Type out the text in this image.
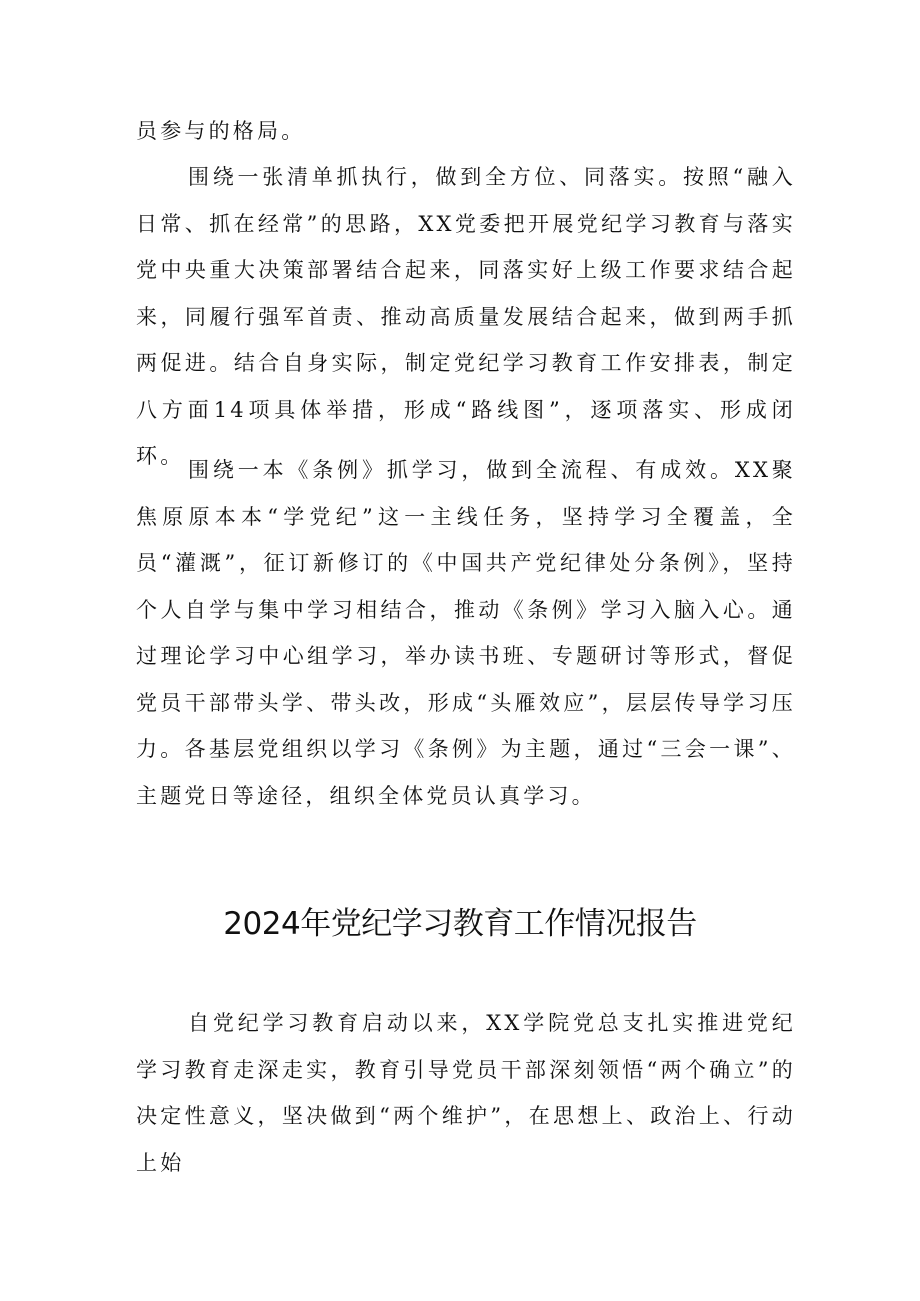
员参与的格局。

围绕一张清单抓执行，做到全方位、同落实。按照“融入日常、抓在经常”的思路，XX党委把开展党纪学习教育与落实党中央重大决策部署结合起来，同落实好上级工作要求结合起来，同履行强军首责、推动高质量发展结合起来，做到两手抓两促进。结合自身实际，制定党纪学习教育工作安排表，制定八方面14项具体举措，形成“路线图”，逐项落实、形成闭环。

围绕一本《条例》抓学习，做到全流程、有成效。XX聚焦原原本本“学党纪”这一主线任务，坚持学习全覆盖，全员“灌溉”，征订新修订的《中国共产党纪律处分条例》，坚持个人自学与集中学习相结合，推动《条例》学习入脑入心。通过理论学习中心组学习，举办读书班、专题研讨等形式，督促党员干部带头学、带头改，形成“头雁效应”，层层传导学习压力。各基层党组织以学习《条例》为主题，通过“三会一课”、主题党日等途径，组织全体党员认真学习。

2024年党纪学习教育工作情况报告

自党纪学习教育启动以来，XX学院党总支扎实推进党纪学习教育走深走实，教育引导党员干部深刻领悟“两个确立”的决定性意义，坚决做到“两个维护”，在思想上、政治上、行动上始
